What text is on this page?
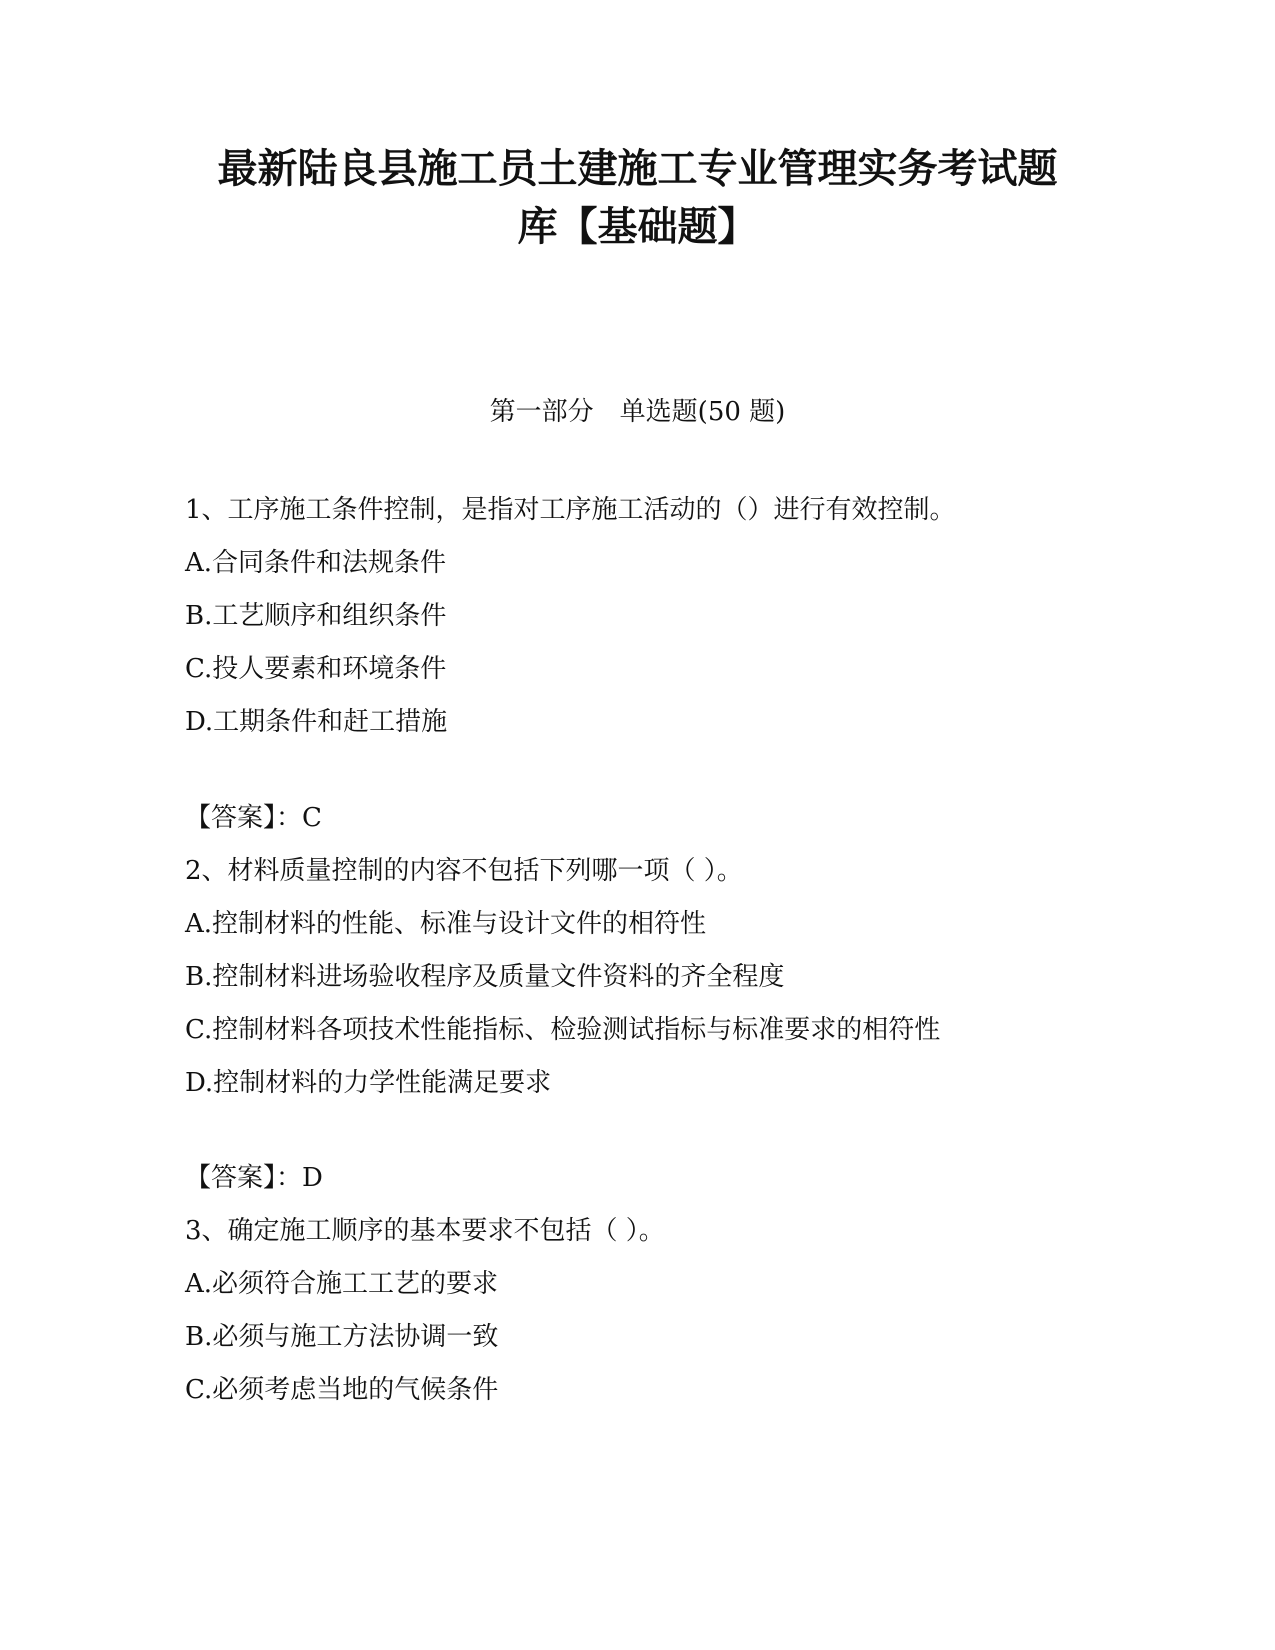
最新陆良县施工员土建施工专业管理实务考试题
库【基础题】
第一部分　单选题(50 题)
1、工序施工条件控制，是指对工序施工活动的（）进行有效控制。
A.合同条件和法规条件
B.工艺顺序和组织条件
C.投人要素和环境条件
D.工期条件和赶工措施
【答案】：C
2、材料质量控制的内容不包括下列哪一项（ ）。
A.控制材料的性能、标准与设计文件的相符性
B.控制材料进场验收程序及质量文件资料的齐全程度
C.控制材料各项技术性能指标、检验测试指标与标准要求的相符性
D.控制材料的力学性能满足要求
【答案】：D
3、确定施工顺序的基本要求不包括（ ）。
A.必须符合施工工艺的要求
B.必须与施工方法协调一致
C.必须考虑当地的气候条件
